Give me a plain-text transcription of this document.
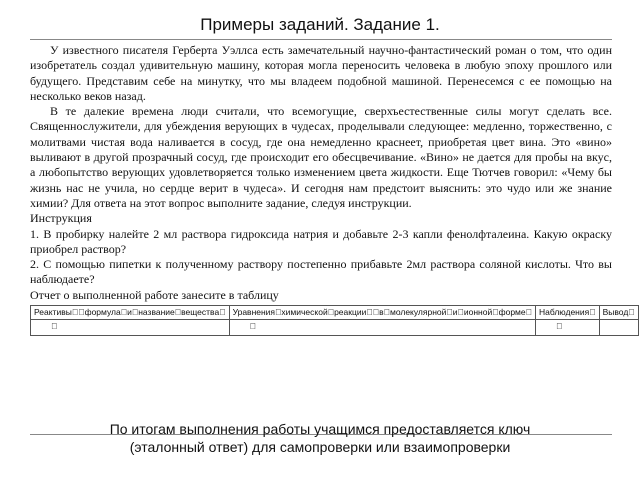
Примеры заданий. Задание 1.

У известного писателя Герберта Уэллса есть замечательный научно-фантастический роман о том, что один изобретатель создал удивительную машину, которая могла переносить человека в любую эпоху прошлого или будущего. Представим себе на минутку, что мы владеем подобной машиной. Перенесемся с ее помощью на несколько веков назад.

В те далекие времена люди считали, что всемогущие, сверхъестественные силы могут сделать все. Священнослужители, для убеждения верующих в чудесах, проделывали следующее: медленно, торжественно, с молитвами чистая вода наливается в сосуд, где она немедленно краснеет, приобретая цвет вина. Это «вино» выливают в другой прозрачный сосуд, где происходит его обесцвечивание. «Вино» не дается для пробы на вкус, а любопытство верующих удовлетворяется только изменением цвета жидкости. Еще Тютчев говорил: «Чему бы жизнь нас не учила, но сердце верит в чудеса». И сегодня нам предстоит выяснить: это чудо или же знание химии? Для ответа на этот вопрос выполните задание, следуя инструкции.

Инструкция

1. В пробирку налейте 2 мл раствора гидроксида натрия и добавьте 2-3 капли фенолфталеина. Какую окраску приобрел раствор?

2. С помощью пипетки к полученному раствору постепенно прибавьте 2мл раствора соляной кислоты. Что вы наблюдаете?

Отчет о выполненной работе занесите в таблицу

Реактивы формула и название вещества	Уравнения химической реакции в молекулярной и ионной форме	Наблюдения	Вывод

По итогам выполнения работы учащимся предоставляется ключ
(эталонный ответ) для самопроверки или взаимопроверки
